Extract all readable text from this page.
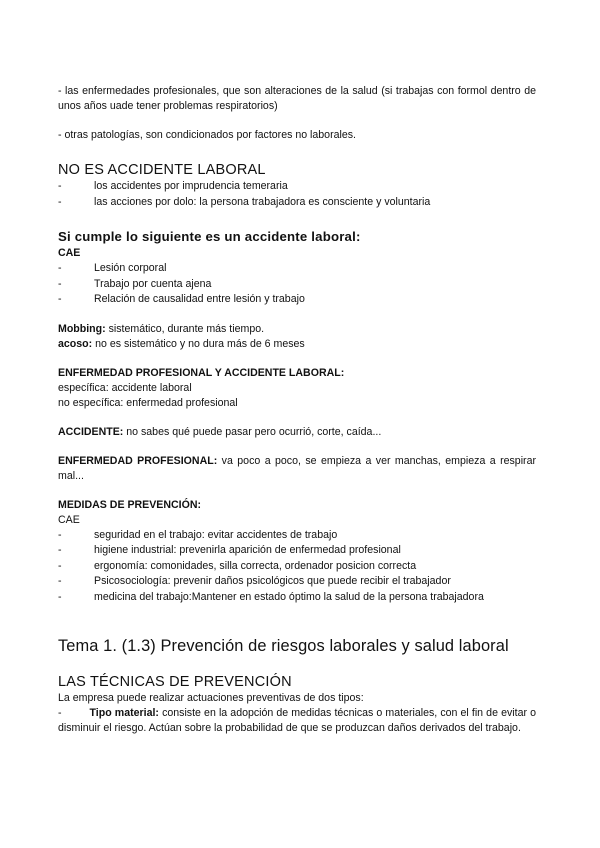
- las enfermedades profesionales, que son alteraciones de la salud (si trabajas con formol dentro de unos años uade tener problemas respiratorios)

- otras patologías, son condicionados por factores no laborales.

NO ES ACCIDENTE LABORAL
-	los accidentes por imprudencia temeraria
-	las acciones por dolo: la persona trabajadora es consciente y voluntaria
Si cumple lo siguiente es un accidente laboral:
CAE
-	Lesión corporal
-	Trabajo por cuenta ajena
-	Relación de causalidad entre lesión y trabajo

Mobbing: sistemático, durante más tiempo.

acoso: no es sistemático y no dura más de 6 meses

ENFERMEDAD PROFESIONAL Y ACCIDENTE LABORAL:

específica: accidente laboral

no específica: enfermedad profesional

ACCIDENTE: no sabes qué puede pasar pero ocurrió, corte, caída...

ENFERMEDAD PROFESIONAL: va poco a poco, se empieza a ver manchas, empieza a respirar mal...

MEDIDAS DE PREVENCIÓN:

CAE

-	seguridad en el trabajo: evitar accidentes de trabajo
-	higiene industrial: prevenirla aparición de enfermedad profesional
-	ergonomía: comonidades, silla correcta, ordenador posicion correcta
-	Psicosociología: prevenir daños psicológicos que puede recibir el trabajador
-	medicina del trabajo:Mantener en estado óptimo la salud de la persona trabajadora
Tema 1. (1.3) Prevención de riesgos laborales y salud laboral
LAS TÉCNICAS DE PREVENCIÓN

La empresa puede realizar actuaciones preventivas de dos tipos:

-	Tipo material: consiste en la adopción de medidas técnicas o materiales, con el fin de evitar o disminuir el riesgo. Actúan sobre la probabilidad de que se produzcan daños derivados del trabajo.
